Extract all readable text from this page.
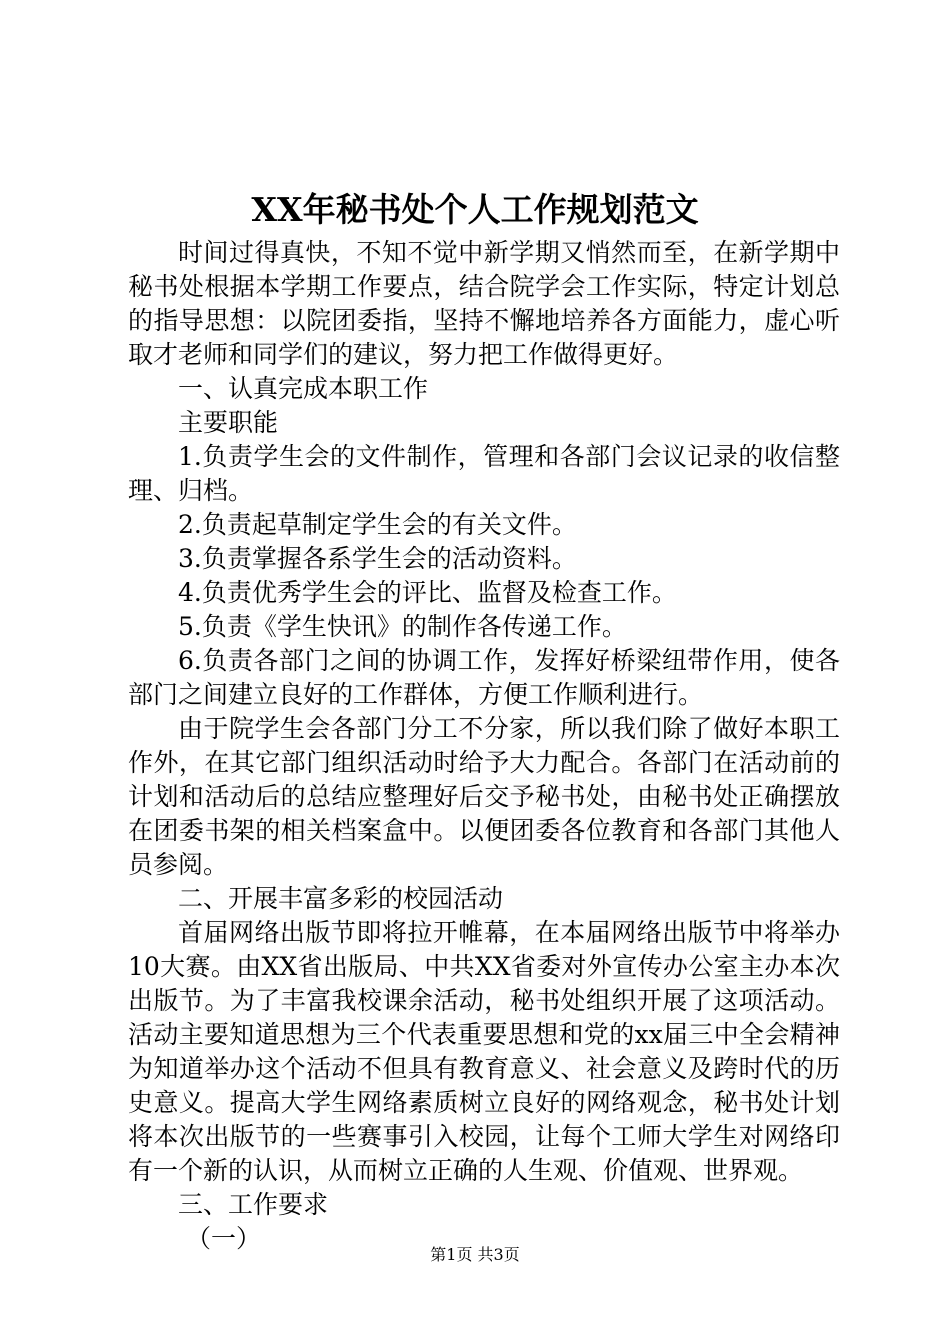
XX年秘书处个人工作规划范文

时间过得真快，不知不觉中新学期又悄然而至，在新学期中秘书处根据本学期工作要点，结合院学会工作实际，特定计划总的指导思想：以院团委指，坚持不懈地培养各方面能力，虚心听取才老师和同学们的建议，努力把工作做得更好。

一、认真完成本职工作

主要职能

1.负责学生会的文件制作，管理和各部门会议记录的收信整理、归档。

2.负责起草制定学生会的有关文件。

3.负责掌握各系学生会的活动资料。

4.负责优秀学生会的评比、监督及检查工作。

5.负责《学生快讯》的制作各传递工作。

6.负责各部门之间的协调工作，发挥好桥梁纽带作用，使各部门之间建立良好的工作群体，方便工作顺利进行。

由于院学生会各部门分工不分家，所以我们除了做好本职工作外，在其它部门组织活动时给予大力配合。各部门在活动前的计划和活动后的总结应整理好后交予秘书处，由秘书处正确摆放在团委书架的相关档案盒中。以便团委各位教育和各部门其他人员参阅。

二、开展丰富多彩的校园活动

首届网络出版节即将拉开帷幕，在本届网络出版节中将举办10大赛。由XX省出版局、中共XX省委对外宣传办公室主办本次出版节。为了丰富我校课余活动，秘书处组织开展了这项活动。活动主要知道思想为三个代表重要思想和党的xx届三中全会精神为知道举办这个活动不但具有教育意义、社会意义及跨时代的历史意义。提高大学生网络素质树立良好的网络观念，秘书处计划将本次出版节的一些赛事引入校园，让每个工师大学生对网络印有一个新的认识，从而树立正确的人生观、价值观、世界观。

三、工作要求

（一）

第1页 共3页
